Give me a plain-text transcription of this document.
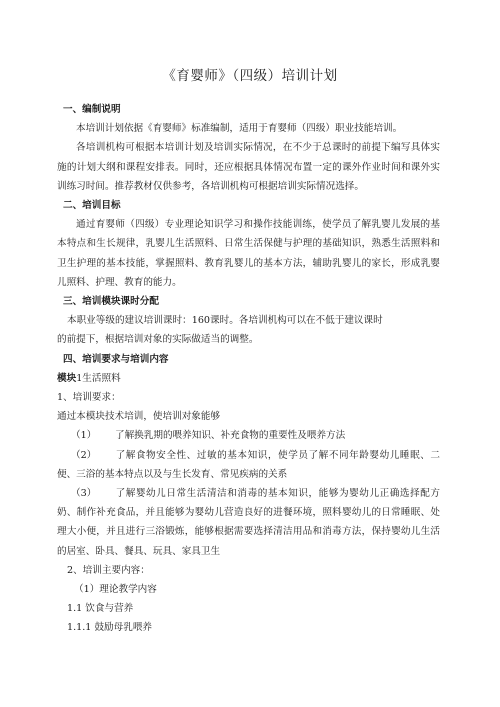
《育婴师》（四级）培训计划

一、编制说明

本培训计划依据《育婴师》标准编制，适用于育婴师（四级）职业技能培训。

各培训机构可根据本培训计划及培训实际情况，在不少于总课时的前提下编写具体实施的计划大纲和课程安排表。同时，还应根据具体情况布置一定的课外作业时间和课外实训练习时间。推荐教材仅供参考，各培训机构可根据培训实际情况选择。

二、培训目标

通过育婴师（四级）专业理论知识学习和操作技能训练，使学员了解乳婴儿发展的基本特点和生长规律，乳婴儿生活照料、日常生活保健与护理的基础知识，熟悉生活照料和卫生护理的基本技能，掌握照料、教育乳婴儿的基本方法，辅助乳婴儿的家长，形成乳婴儿照料、护理、教育的能力。

三、培训模块课时分配

本职业等级的建议培训课时：160课时。各培训机构可以在不低于建议课时

的前提下，根据培训对象的实际做适当的调整。

四、培训要求与培训内容

模块1生活照料

1、培训要求：

通过本模块技术培训，使培训对象能够

（1） 了解换乳期的喂养知识、补充食物的重要性及喂养方法

（2） 了解食物安全性、过敏的基本知识，使学员了解不同年龄婴幼儿睡眠、二便、三浴的基本特点以及与生长发育、常见疾病的关系

（3） 了解婴幼儿日常生活清洁和消毒的基本知识，能够为婴幼儿正确选择配方奶、制作补充食品，并且能够为婴幼儿营造良好的进餐环境，照料婴幼儿的日常睡眠、处理大小便，并且进行三浴锻炼，能够根据需要选择清洁用品和消毒方法，保持婴幼儿生活的居室、卧具、餐具、玩具、家具卫生

2、培训主要内容：

（1）理论教学内容

1.1 饮食与营养

1.1.1 鼓励母乳喂养
